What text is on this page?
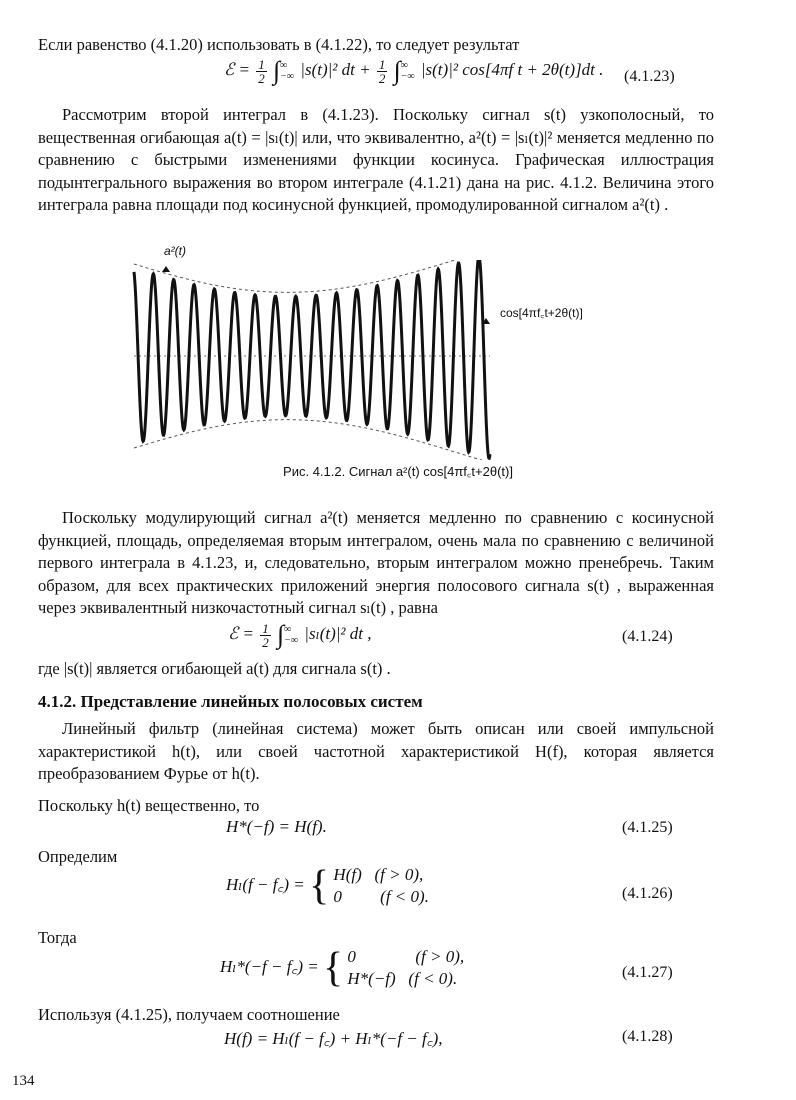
Если равенство (4.1.20) использовать в (4.1.22), то следует результат

ℰ = $\frac{1}{2}$ ∫ ∞
−∞ |s(t)|² dt + $\frac{1}{2}$ ∫ ∞
−∞ |s(t)|² cos[4πf t + 2θ(t)]dt . (4.1.23)

Рассмотрим второй интеграл в (4.1.23). Поскольку сигнал s(t) узкополосный, то вещественная огибающая a(t) = |sₗ(t)| или, что эквивалентно, a²(t) = |sₗ(t)|² меняется медленно по сравнению с быстрыми изменениями функции косинуса. Графическая иллюстрация подынтегрального выражения во втором интеграле (4.1.21) дана на рис. 4.1.2. Величина этого интеграла равна площади под косинусной функцией, промодулированной сигналом a²(t) .

a²(t)
cos[4πf꜀t+2θ(t)]
Рис. 4.1.2. Сигнал a²(t) cos[4πf꜀t+2θ(t)]

Поскольку модулирующий сигнал a²(t) меняется медленно по сравнению с косинусной функцией, площадь, определяемая вторым интегралом, очень мала по сравнению с величиной первого интеграла в 4.1.23, и, следовательно, вторым интегралом можно пренебречь. Таким образом, для всех практических приложений энергия полосового сигнала s(t) , выраженная через эквивалентный низкочастотный сигнал sₗ(t) , равна

ℰ = $\frac{1}{2}$ ∫ ∞
−∞ |sₗ(t)|² dt ,	(4.1.24)

где |s(t)| является огибающей a(t) для сигнала s(t) .

4.1.2. Представление линейных полосовых систем

Линейный фильтр (линейная система) может быть описан или своей импульсной характеристикой h(t), или своей частотной характеристикой H(f), которая является преобразованием Фурье от h(t).

Поскольку h(t) вещественно, то

H*(−f) = H(f).	(4.1.25)

Определим

Hₗ(f − f꜀) = { H(f)   (f > 0),
0         (f < 0).	(4.1.26)

Тогда

Hₗ*(−f − f꜀) = { 0              (f > 0),
H*(−f)   (f < 0).	(4.1.27)

Используя (4.1.25), получаем соотношение

H(f) = Hₗ(f − f꜀) + Hₗ*(−f − f꜀),	(4.1.28)
134
